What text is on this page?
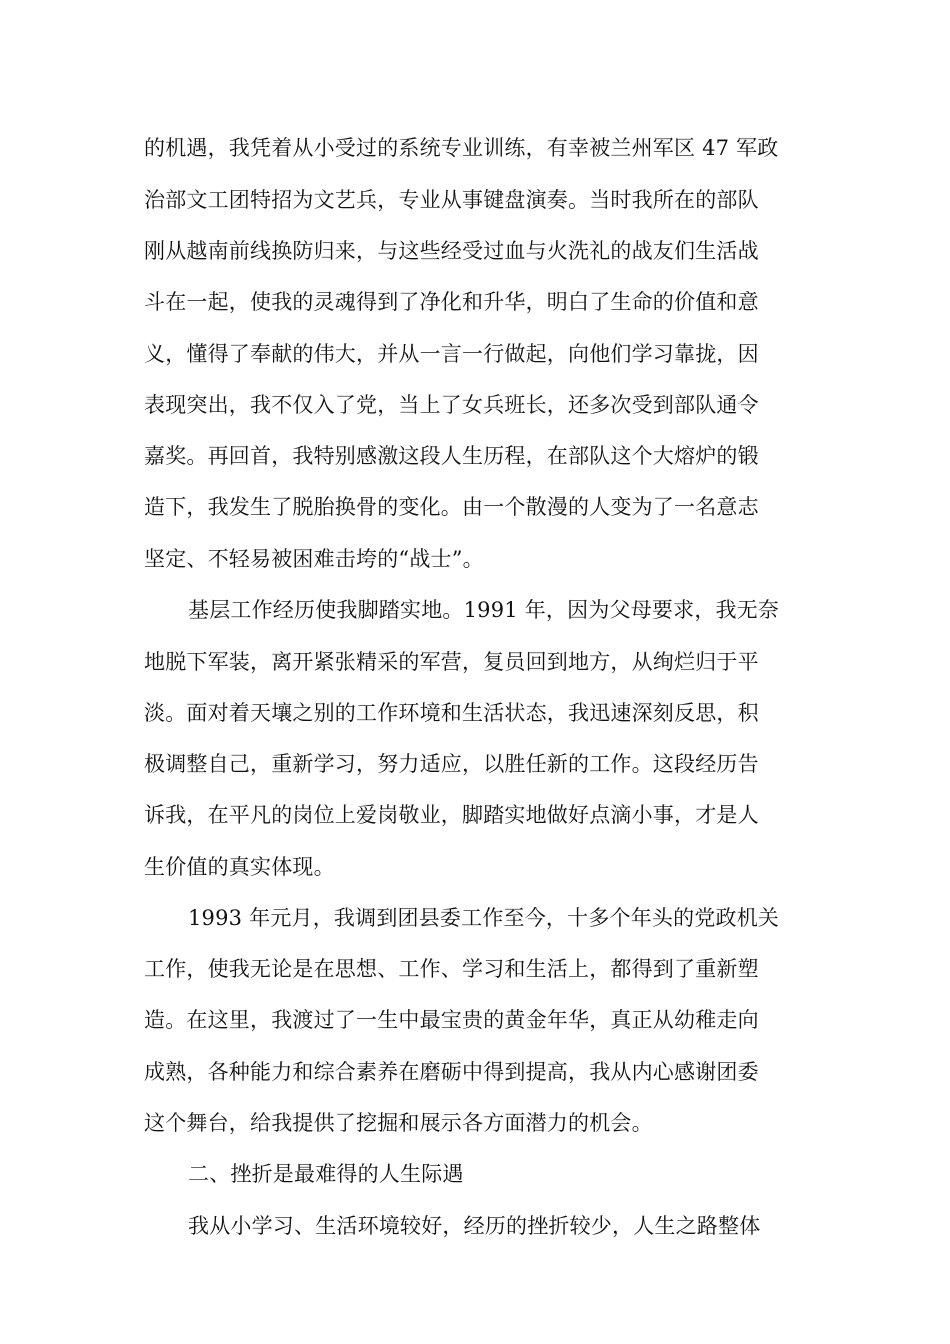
的机遇，我凭着从小受过的系统专业训练，有幸被兰州军区 47 军政
治部文工团特招为文艺兵，专业从事键盘演奏。当时我所在的部队
刚从越南前线换防归来，与这些经受过血与火洗礼的战友们生活战
斗在一起，使我的灵魂得到了净化和升华，明白了生命的价值和意
义，懂得了奉献的伟大，并从一言一行做起，向他们学习靠拢，因
表现突出，我不仅入了党，当上了女兵班长，还多次受到部队通令
嘉奖。再回首，我特别感激这段人生历程，在部队这个大熔炉的锻
造下，我发生了脱胎换骨的变化。由一个散漫的人变为了一名意志
坚定、不轻易被困难击垮的“战士”。
基层工作经历使我脚踏实地。1991 年，因为父母要求，我无奈
地脱下军装，离开紧张精采的军营，复员回到地方，从绚烂归于平
淡。面对着天壤之别的工作环境和生活状态，我迅速深刻反思，积
极调整自己，重新学习，努力适应，以胜任新的工作。这段经历告
诉我，在平凡的岗位上爱岗敬业，脚踏实地做好点滴小事，才是人
生价值的真实体现。
1993 年元月，我调到团县委工作至今，十多个年头的党政机关
工作，使我无论是在思想、工作、学习和生活上，都得到了重新塑
造。在这里，我渡过了一生中最宝贵的黄金年华，真正从幼稚走向
成熟，各种能力和综合素养在磨砺中得到提高，我从内心感谢团委
这个舞台，给我提供了挖掘和展示各方面潜力的机会。
二、挫折是最难得的人生际遇
我从小学习、生活环境较好，经历的挫折较少，人生之路整体
